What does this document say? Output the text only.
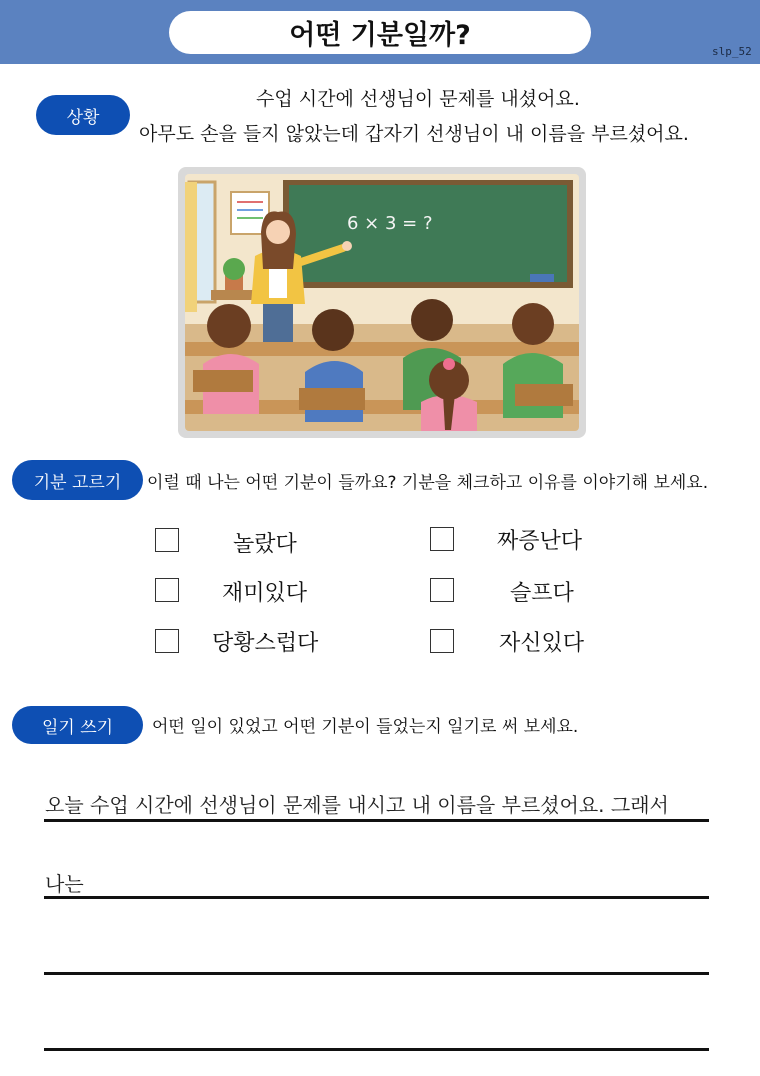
어떤 기분일까?
slp_52
상황
수업 시간에 선생님이 문제를 내셨어요.
아무도 손을 들지 않았는데 갑자기 선생님이 내 이름을 부르셨어요.
6 × 3 = ?
기분 고르기	이럴 때 나는 어떤 기분이 들까요? 기분을 체크하고 이유를 이야기해 보세요.
놀랐다	짜증난다
재미있다	슬프다
당황스럽다	자신있다
일기 쓰기	어떤 일이 있었고 어떤 기분이 들었는지 일기로 써 보세요.
오늘 수업 시간에 선생님이 문제를 내시고 내 이름을 부르셨어요. 그래서
나는
